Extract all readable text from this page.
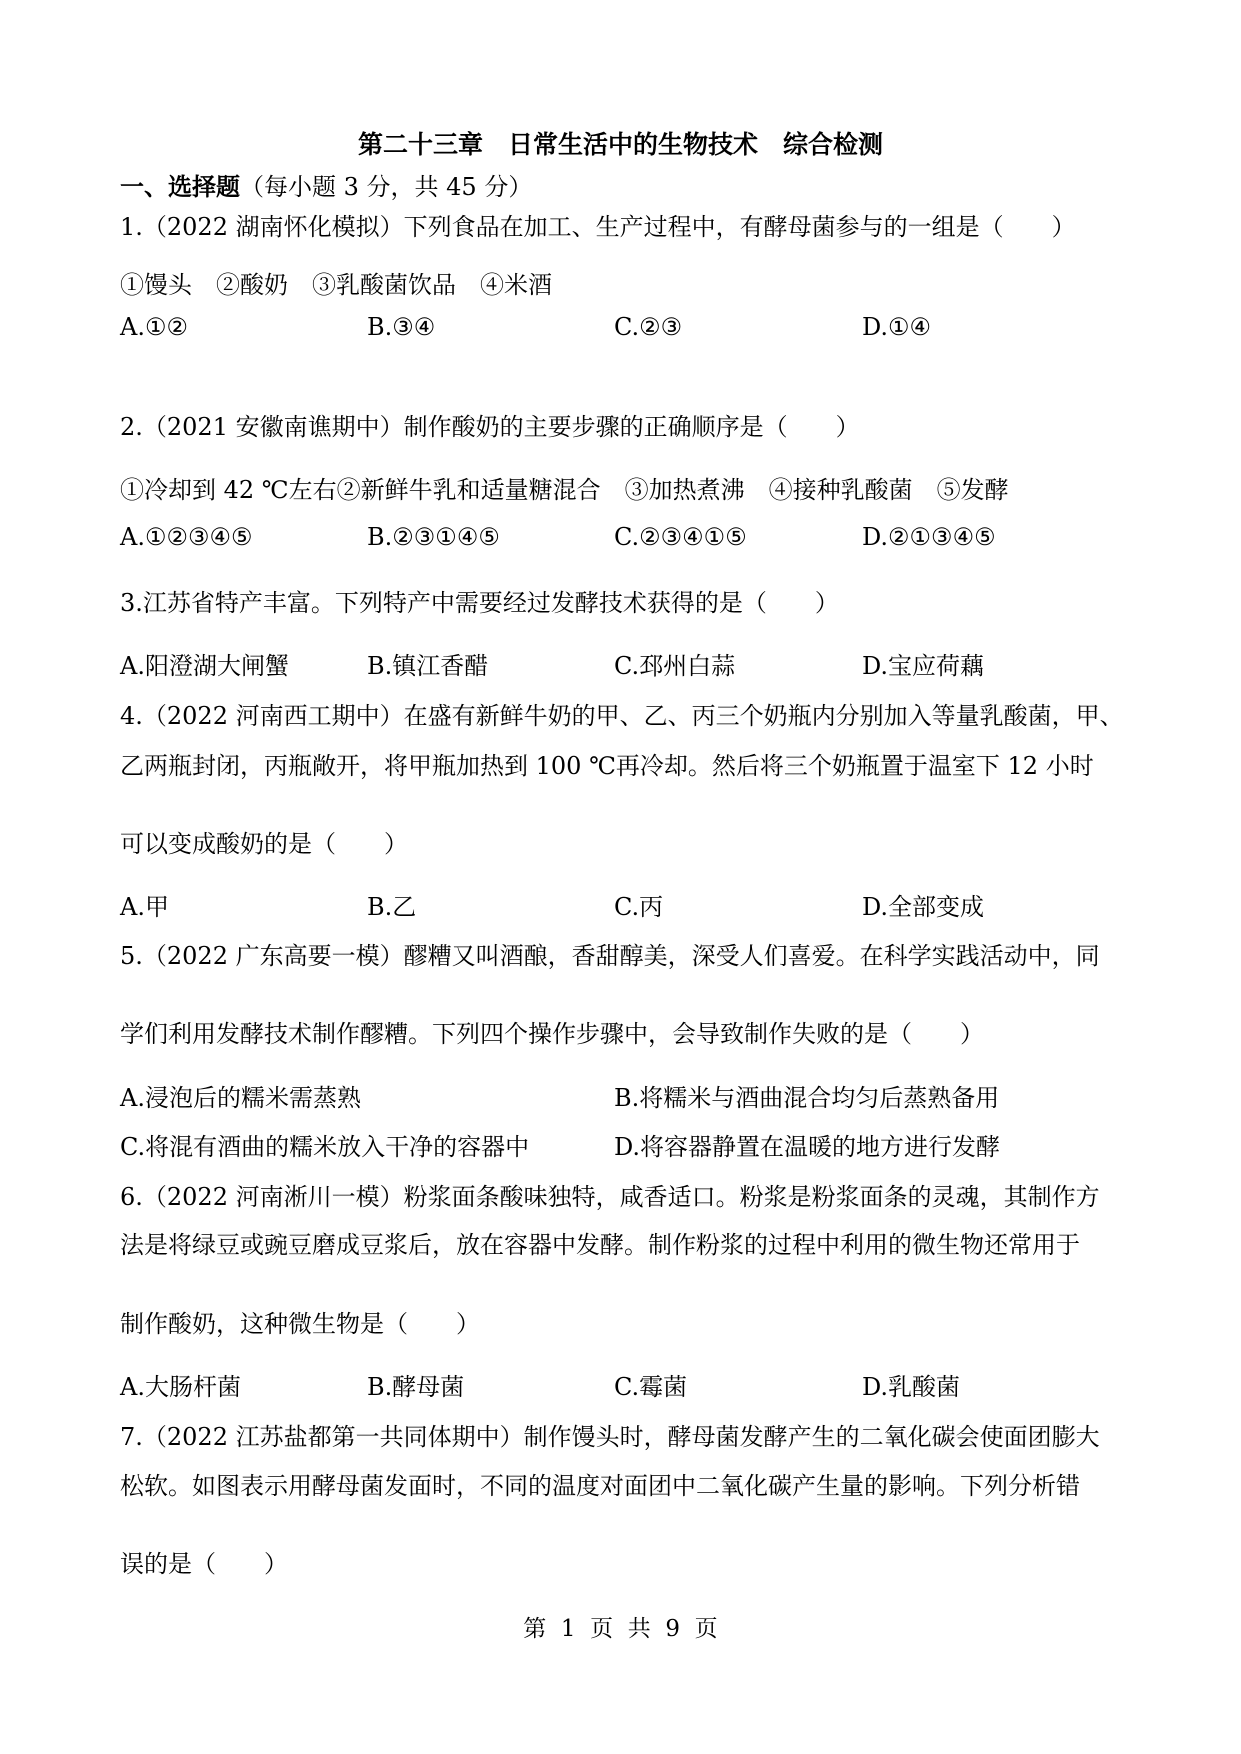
第二十三章　日常生活中的生物技术　综合检测
一、选择题（每小题 3 分，共 45 分）
1.（2022 湖南怀化模拟）下列食品在加工、生产过程中，有酵母菌参与的一组是（　　）
①馒头　②酸奶　③乳酸菌饮品　④米酒
A.①②	B.③④	C.②③	D.①④
2.（2021 安徽南谯期中）制作酸奶的主要步骤的正确顺序是（　　）
①冷却到 42 ℃左右②新鲜牛乳和适量糖混合　③加热煮沸　④接种乳酸菌　⑤发酵
A.①②③④⑤	B.②③①④⑤	C.②③④①⑤	D.②①③④⑤
3.江苏省特产丰富。下列特产中需要经过发酵技术获得的是（　　）
A.阳澄湖大闸蟹	B.镇江香醋	C.邳州白蒜	D.宝应荷藕
4.（2022 河南西工期中）在盛有新鲜牛奶的甲、乙、丙三个奶瓶内分别加入等量乳酸菌，甲、
乙两瓶封闭，丙瓶敞开，将甲瓶加热到 100 ℃再冷却。然后将三个奶瓶置于温室下 12 小时
可以变成酸奶的是（　　）
A.甲	B.乙	C.丙	D.全部变成
5.（2022 广东高要一模）醪糟又叫酒酿，香甜醇美，深受人们喜爱。在科学实践活动中，同
学们利用发酵技术制作醪糟。下列四个操作步骤中，会导致制作失败的是（　　）
A.浸泡后的糯米需蒸熟	B.将糯米与酒曲混合均匀后蒸熟备用
C.将混有酒曲的糯米放入干净的容器中	D.将容器静置在温暖的地方进行发酵
6.（2022 河南淅川一模）粉浆面条酸味独特，咸香适口。粉浆是粉浆面条的灵魂，其制作方
法是将绿豆或豌豆磨成豆浆后，放在容器中发酵。制作粉浆的过程中利用的微生物还常用于
制作酸奶，这种微生物是（　　）
A.大肠杆菌	B.酵母菌	C.霉菌	D.乳酸菌
7.（2022 江苏盐都第一共同体期中）制作馒头时，酵母菌发酵产生的二氧化碳会使面团膨大
松软。如图表示用酵母菌发面时，不同的温度对面团中二氧化碳产生量的影响。下列分析错
误的是（　　）
第  1  页  共  9  页
